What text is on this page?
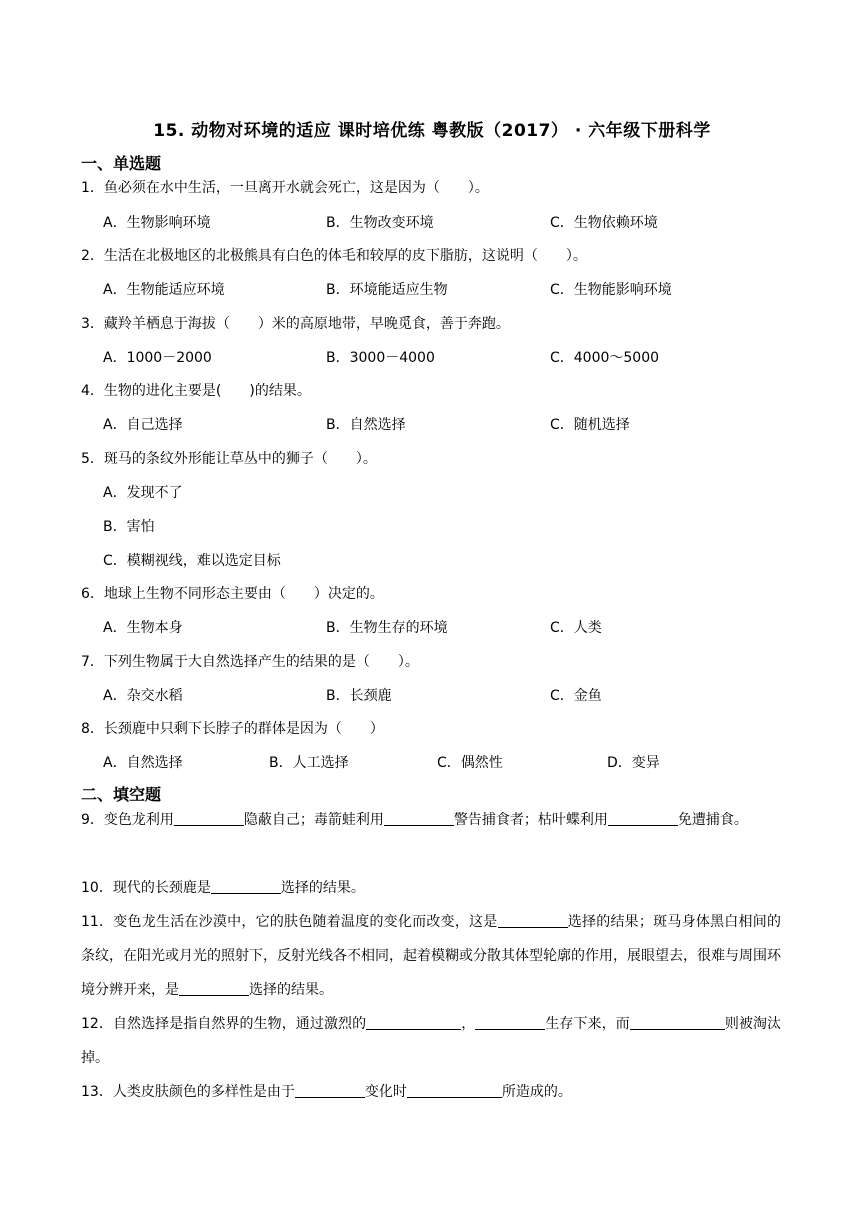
15. 动物对环境的适应 课时培优练 粤教版（2017） · 六年级下册科学
一、单选题
1．鱼必须在水中生活，一旦离开水就会死亡，这是因为（　　）。
A．生物影响环境	B．生物改变环境	C．生物依赖环境
2．生活在北极地区的北极熊具有白色的体毛和较厚的皮下脂肪，这说明（　　）。
A．生物能适应环境	B．环境能适应生物	C．生物能影响环境
3．藏羚羊栖息于海拔（　　）米的高原地带，早晚觅食，善于奔跑。
A．1000－2000	B．3000－4000	C．4000～5000
4．生物的进化主要是(　　)的结果。
A．自己选择	B．自然选择	C．随机选择
5．斑马的条纹外形能让草丛中的狮子（　　）。
A．发现不了
B．害怕
C．模糊视线，难以选定目标
6．地球上生物不同形态主要由（　　）决定的。
A．生物本身	B．生物生存的环境	C．人类
7．下列生物属于大自然选择产生的结果的是（　　）。
A．杂交水稻	B．长颈鹿	C．金鱼
8．长颈鹿中只剩下长脖子的群体是因为（　　）
A．自然选择	B．人工选择	C．偶然性	D．变异
二、填空题
9．变色龙利用	隐蔽自己；毒箭蛙利用	警告捕食者；枯叶蝶利用	免遭捕食。
10．现代的长颈鹿是	选择的结果。
11．变色龙生活在沙漠中，它的肤色随着温度的变化而改变，这是	选择的结果；斑马身体黑白相间的条纹，在阳光或月光的照射下，反射光线各不相同，起着模糊或分散其体型轮廓的作用，展眼望去，很难与周围环境分辨开来，是	选择的结果。
12．自然选择是指自然界的生物，通过激烈的	，	生存下来，而	则被淘汰掉。
13．人类皮肤颜色的多样性是由于	变化时	所造成的。
